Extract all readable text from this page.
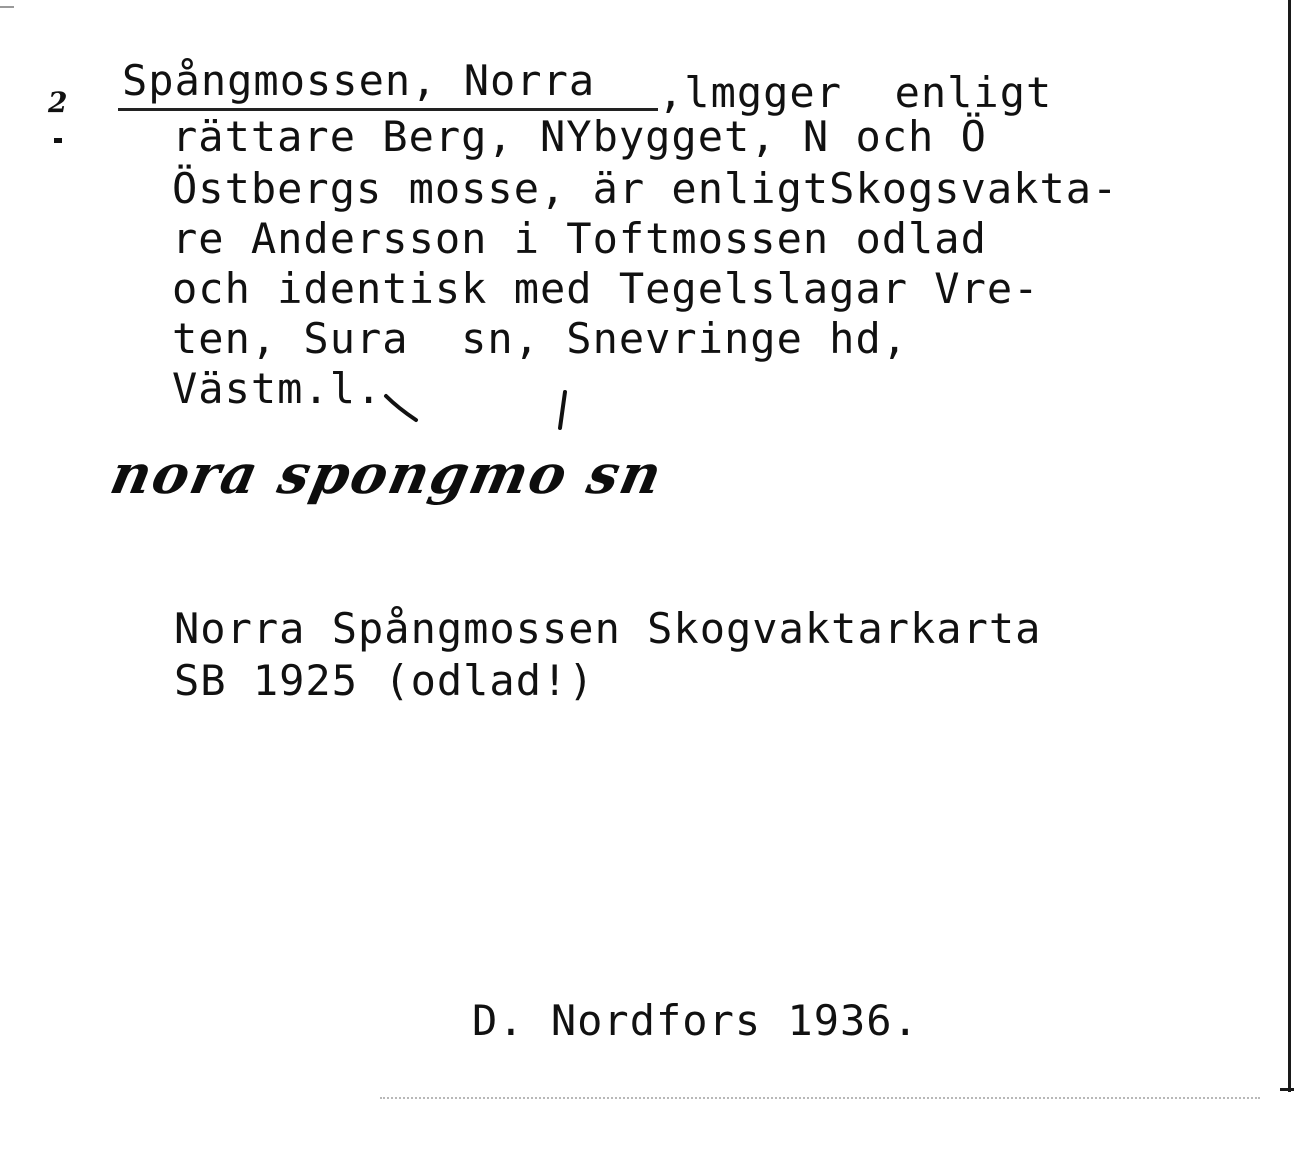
2 Spångmossen, Norra ,lmgger  enligt
rättare Berg, NYbyggеt, N och Ö
Östbergs mosse, är enligtSkogsvakta-
re Andersson i Toftmossen odlad
och identisk med Tegelslagar Vre-
ten, Sura  sn, Snevringe hd,
Västm.l.
nora spongmo sn
Norra Spångmossen Skogvaktarkarta
SB 1925 (odlad!)
D. Nordfors 1936.
